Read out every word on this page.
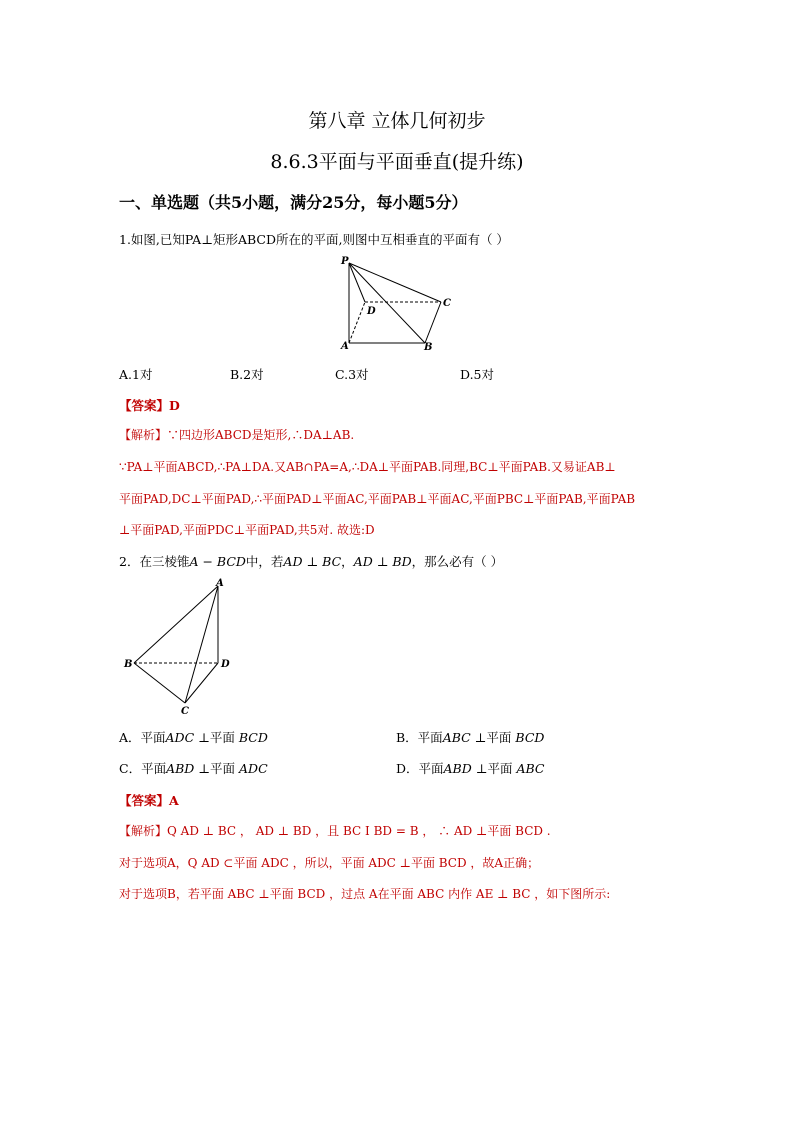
第八章 立体几何初步
8.6.3平面与平面垂直(提升练)
一、单选题（共5小题，满分25分，每小题5分）
1.如图,已知PA⊥矩形ABCD所在的平面,则图中互相垂直的平面有（ ）
P
D
C
A	B
A.1对	B.2对	C.3对	D.5对
【答案】D
【解析】∵四边形ABCD是矩形,∴DA⊥AB.
∵PA⊥平面ABCD,∴PA⊥DA.又AB∩PA=A,∴DA⊥平面PAB.同理,BC⊥平面PAB.又易证AB⊥
平面PAD,DC⊥平面PAD,∴平面PAD⊥平面AC,平面PAB⊥平面AC,平面PBC⊥平面PAB,平面PAB
⊥平面PAD,平面PDC⊥平面PAD,共5对. 故选:D
2．在三棱锥A − BCD中，若AD ⊥ BC，AD ⊥ BD，那么必有（ ）
A
B	D
C
A．平面ADC ⊥平面 BCD	B．平面ABC ⊥平面 BCD
C．平面ABD ⊥平面 ADC	D．平面ABD ⊥平面 ABC
【答案】A
【解析】Q AD ⊥ BC ， AD ⊥ BD ，且 BC I BD = B ， ∴ AD ⊥平面 BCD .
对于选项A，Q AD ⊂平面 ADC ，所以，平面 ADC ⊥平面 BCD ，故A正确；
对于选项B，若平面 ABC ⊥平面 BCD ，过点 A在平面 ABC 内作 AE ⊥ BC ，如下图所示:
